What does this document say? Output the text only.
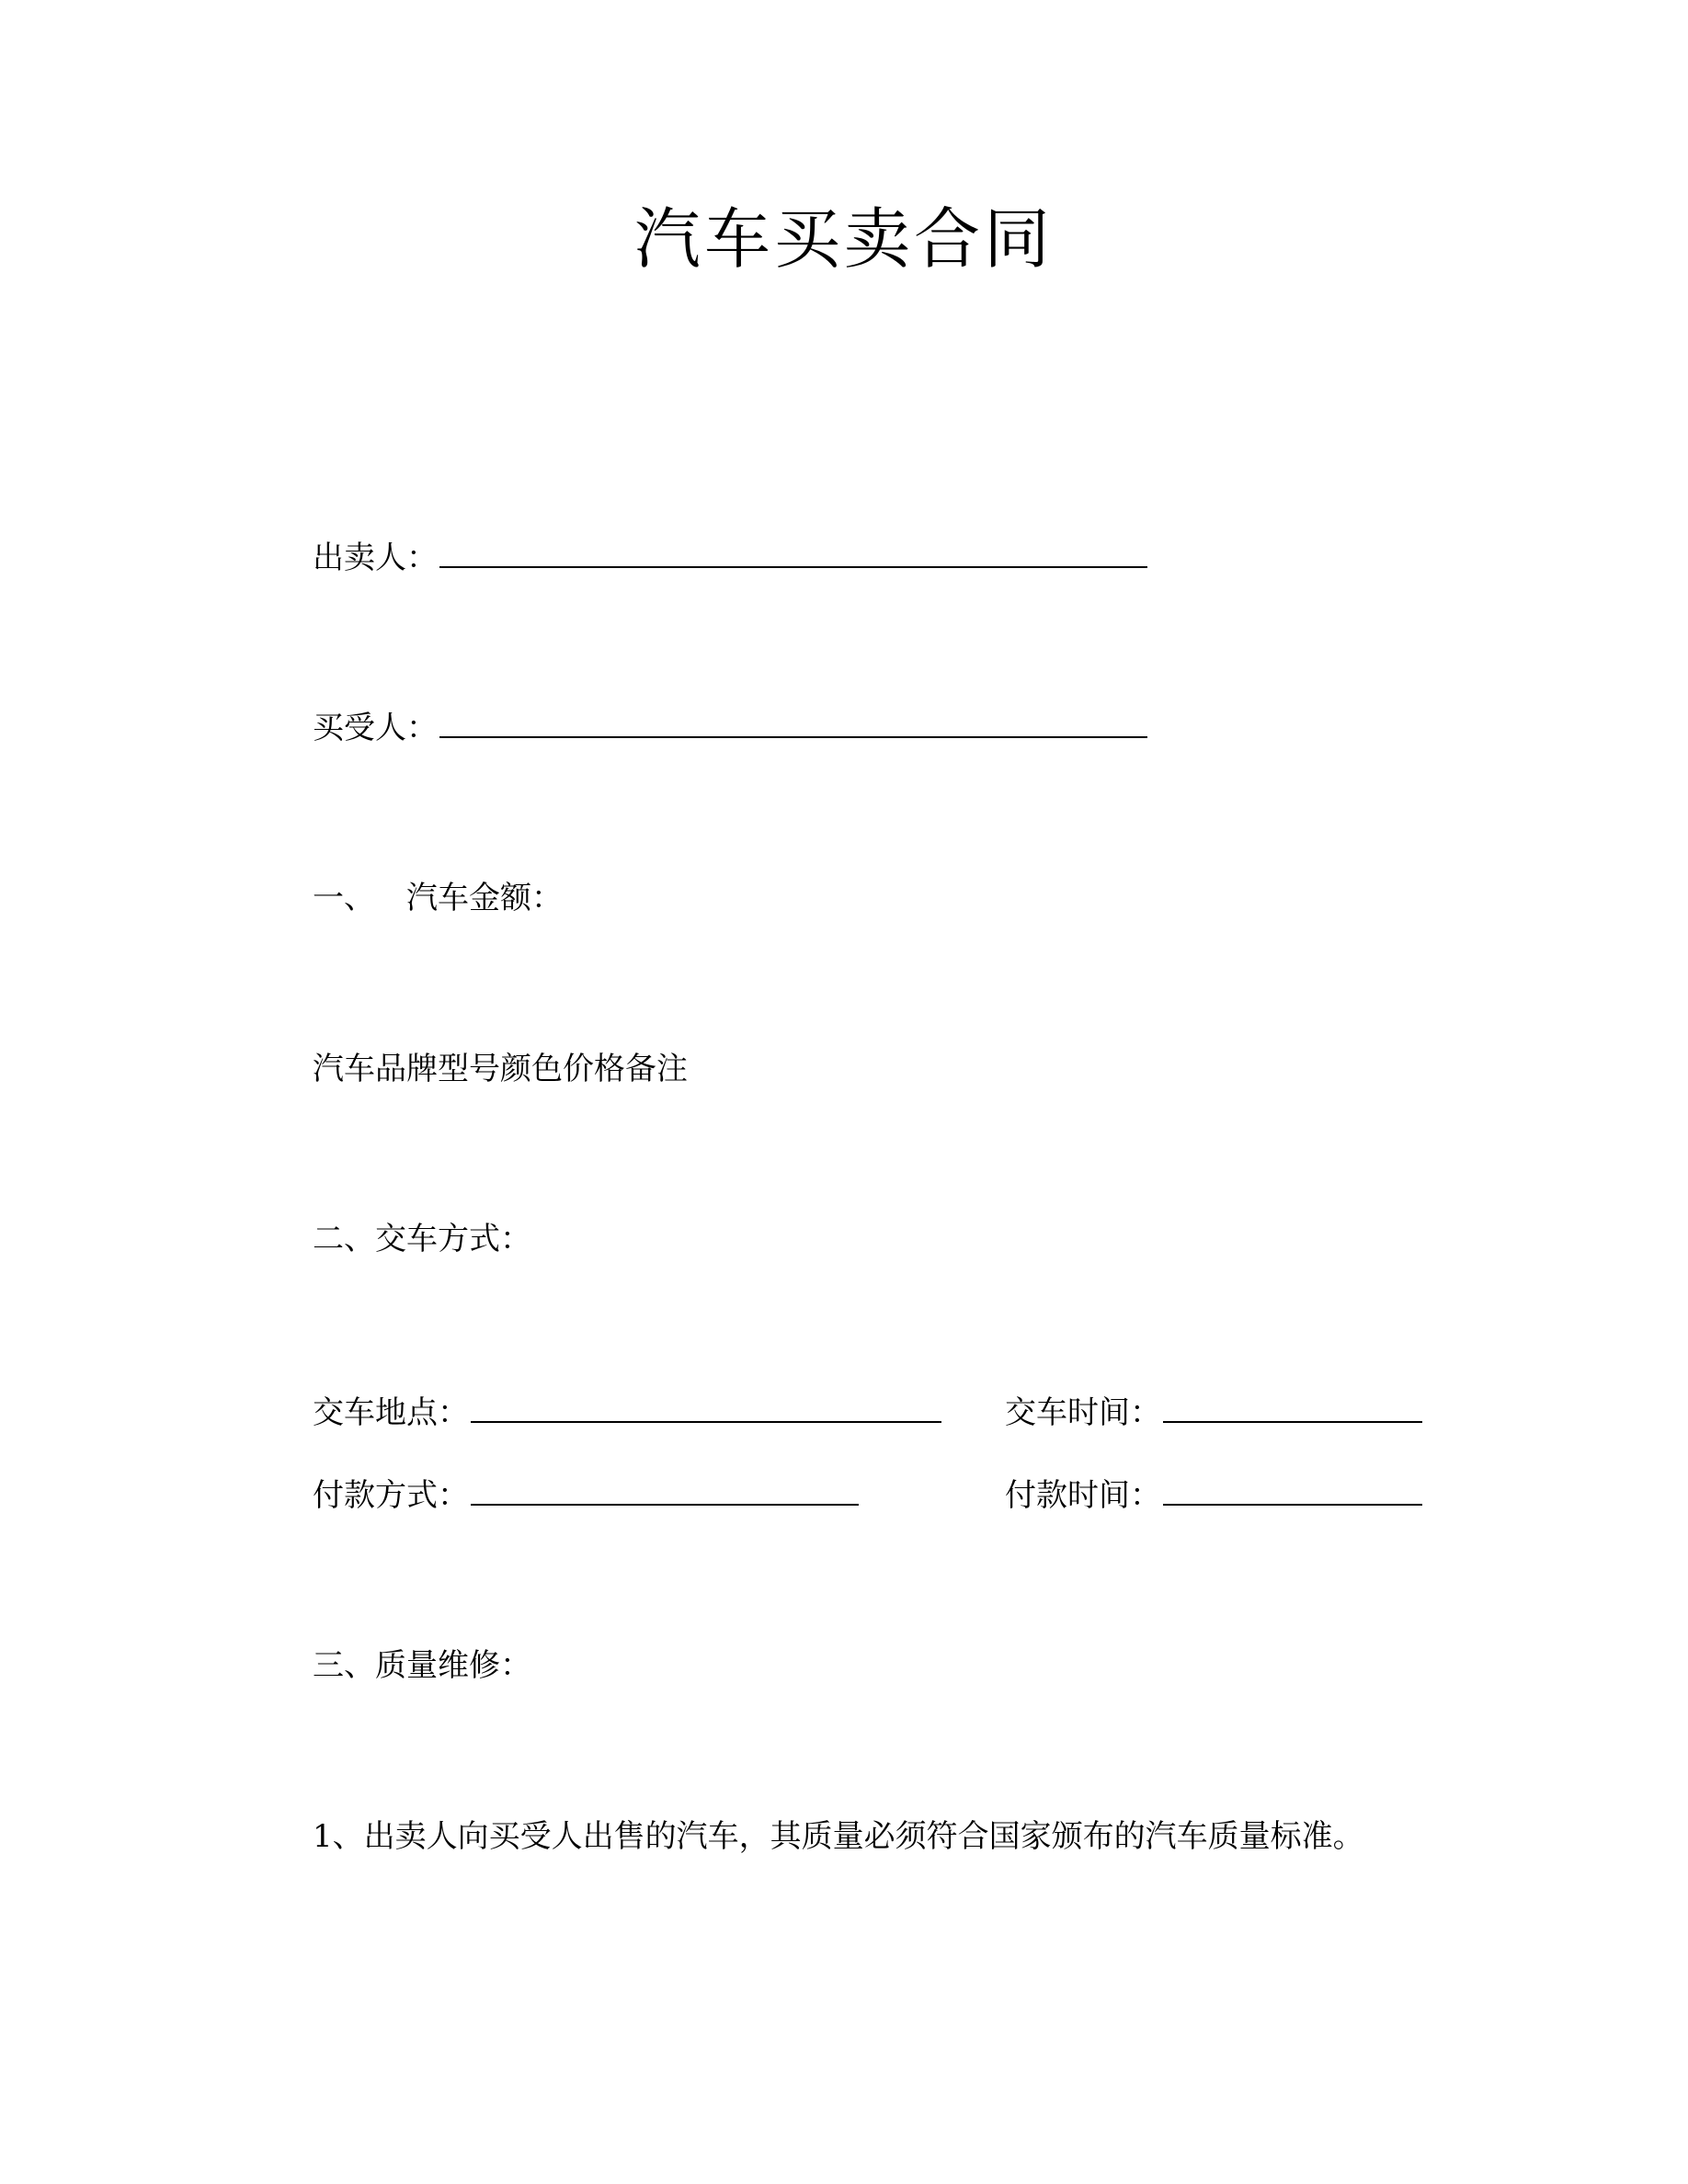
汽车买卖合同
出卖人：
买受人：
一、 汽车金额：
汽车品牌型号颜色价格备注
二、交车方式：
交车地点：	交车时间：
付款方式：	付款时间：
三、质量维修：
1、出卖人向买受人出售的汽车，其质量必须符合国家颁布的汽车质量标准。
